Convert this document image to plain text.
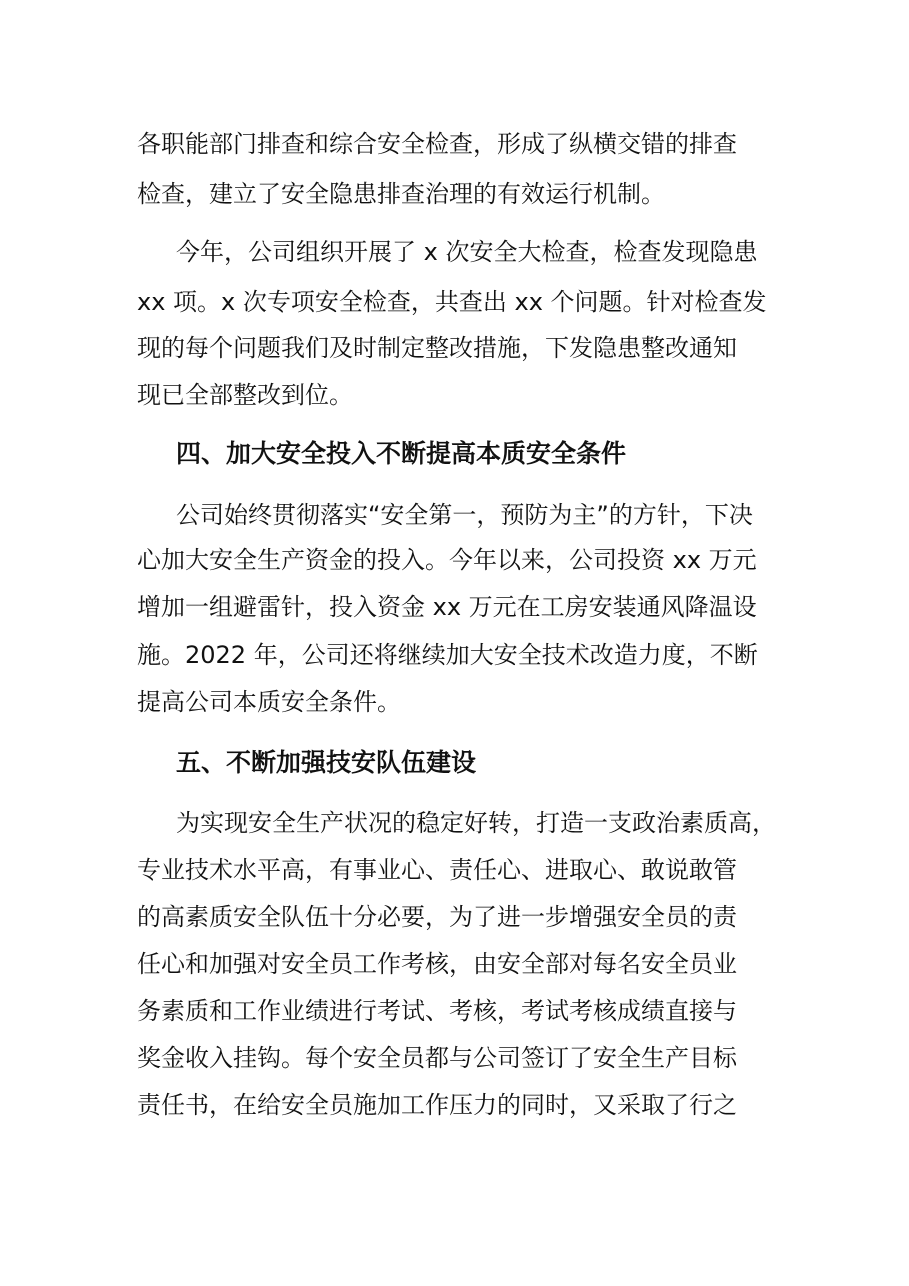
各职能部门排查和综合安全检查，形成了纵横交错的排查
检查，建立了安全隐患排查治理的有效运行机制。
今年，公司组织开展了 x 次安全大检查，检查发现隐患
xx 项。x 次专项安全检查，共查出 xx 个问题。针对检查发
现的每个问题我们及时制定整改措施，下发隐患整改通知
现已全部整改到位。
四、加大安全投入不断提高本质安全条件
公司始终贯彻落实“安全第一，预防为主”的方针，下决
心加大安全生产资金的投入。今年以来，公司投资 xx 万元
增加一组避雷针，投入资金 xx 万元在工房安装通风降温设
施。2022 年，公司还将继续加大安全技术改造力度，不断
提高公司本质安全条件。
五、不断加强技安队伍建设
为实现安全生产状况的稳定好转，打造一支政治素质高，
专业技术水平高，有事业心、责任心、进取心、敢说敢管
的高素质安全队伍十分必要，为了进一步增强安全员的责
任心和加强对安全员工作考核，由安全部对每名安全员业
务素质和工作业绩进行考试、考核，考试考核成绩直接与
奖金收入挂钩。每个安全员都与公司签订了安全生产目标
责任书，在给安全员施加工作压力的同时，又采取了行之
